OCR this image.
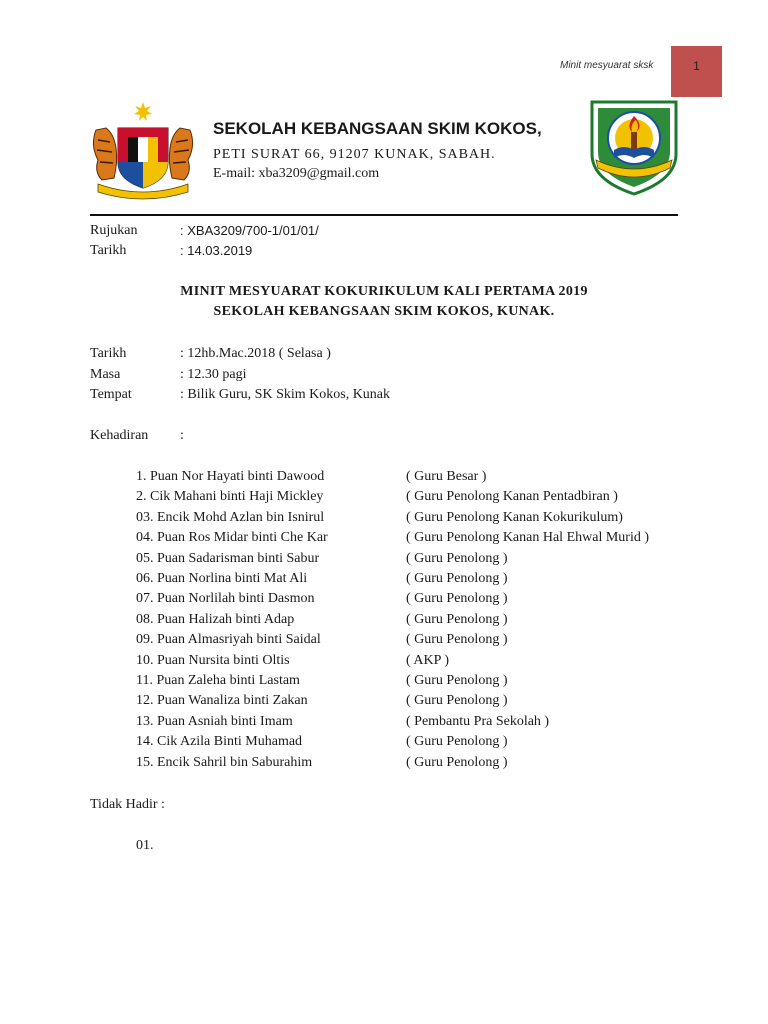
Minit mesyuarat sksk	1
SEKOLAH KEBANGSAAN SKIM KOKOS,
PETI SURAT 66, 91207 KUNAK, SABAH.
E-mail: xba3209@gmail.com
Rujukan	: XBA3209/700-1/01/01/
Tarikh	: 14.03.2019
MINIT MESYUARAT KOKURIKULUM KALI PERTAMA 2019
SEKOLAH KEBANGSAAN SKIM KOKOS, KUNAK.
Tarikh	: 12hb.Mac.2018 ( Selasa )
Masa	: 12.30 pagi
Tempat	: Bilik Guru, SK Skim Kokos, Kunak
Kehadiran :
1. Puan Nor Hayati binti Dawood	( Guru Besar )
2. Cik Mahani binti Haji Mickley	( Guru Penolong Kanan Pentadbiran )
03. Encik Mohd Azlan bin Isnirul	( Guru Penolong Kanan Kokurikulum)
04. Puan Ros Midar binti Che Kar	( Guru Penolong Kanan Hal Ehwal Murid )
05. Puan Sadarisman binti Sabur	( Guru Penolong )
06. Puan Norlina binti Mat Ali	( Guru Penolong )
07. Puan Norlilah binti Dasmon	( Guru Penolong )
08. Puan Halizah binti Adap	( Guru Penolong )
09. Puan Almasriyah binti Saidal	( Guru Penolong )
10. Puan Nursita binti Oltis	( AKP )
11. Puan Zaleha binti Lastam	( Guru Penolong )
12. Puan Wanaliza binti Zakan	( Guru Penolong )
13. Puan Asniah binti Imam	( Pembantu Pra Sekolah )
14. Cik Azila Binti Muhamad	( Guru Penolong )
15. Encik Sahril bin Saburahim	( Guru Penolong )
Tidak Hadir :
01.
